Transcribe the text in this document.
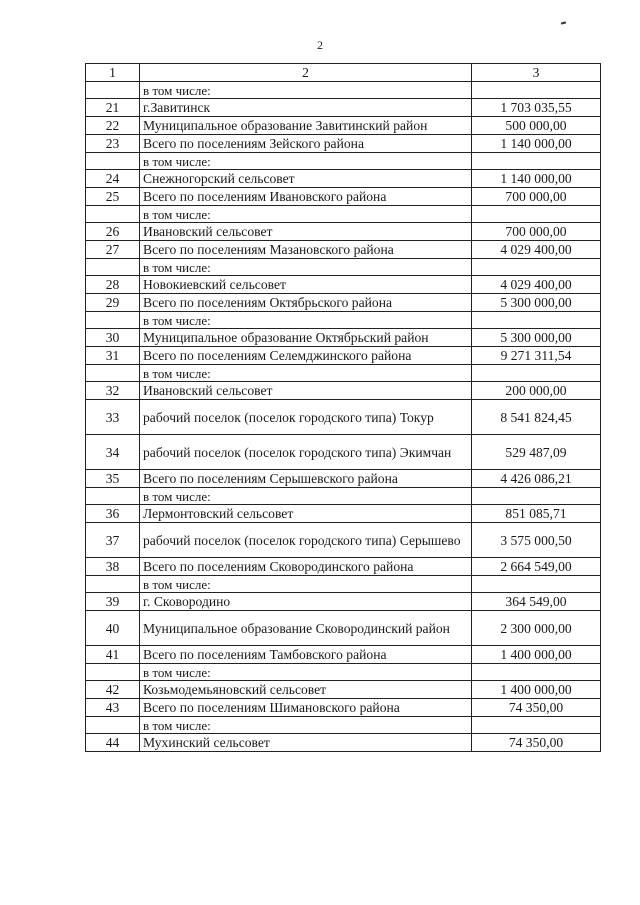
2
1	2	3
	в том числе:	
21	г.Завитинск	1 703 035,55
22	Муниципальное образование Завитинский район	500 000,00
23	Всего по поселениям Зейского района	1 140 000,00
	в том числе:	
24	Снежногорский сельсовет	1 140 000,00
25	Всего по поселениям Ивановского района	700 000,00
	в том числе:	
26	Ивановский сельсовет	700 000,00
27	Всего по поселениям Мазановского района	4 029 400,00
	в том числе:	
28	Новокиевский сельсовет	4 029 400,00
29	Всего по поселениям Октябрьского района	5 300 000,00
	в том числе:	
30	Муниципальное образование Октябрьский район	5 300 000,00
31	Всего по поселениям Селемджинского района	9 271 311,54
	в том числе:	
32	Ивановский сельсовет	200 000,00
33	рабочий поселок (поселок городского типа) Токур	8 541 824,45
34	рабочий поселок (поселок городского типа) Экимчан	529 487,09
35	Всего по поселениям Серышевского района	4 426 086,21
	в том числе:	
36	Лермонтовский сельсовет	851 085,71
37	рабочий поселок (поселок городского типа) Серышево	3 575 000,50
38	Всего по поселениям Сковородинского района	2 664 549,00
	в том числе:	
39	г. Сковородино	364 549,00
40	Муниципальное образование Сковородинский район	2 300 000,00
41	Всего по поселениям Тамбовского района	1 400 000,00
	в том числе:	
42	Козьмодемьяновский сельсовет	1 400 000,00
43	Всего по поселениям Шимановского района	74 350,00
	в том числе:	
44	Мухинский сельсовет	74 350,00
